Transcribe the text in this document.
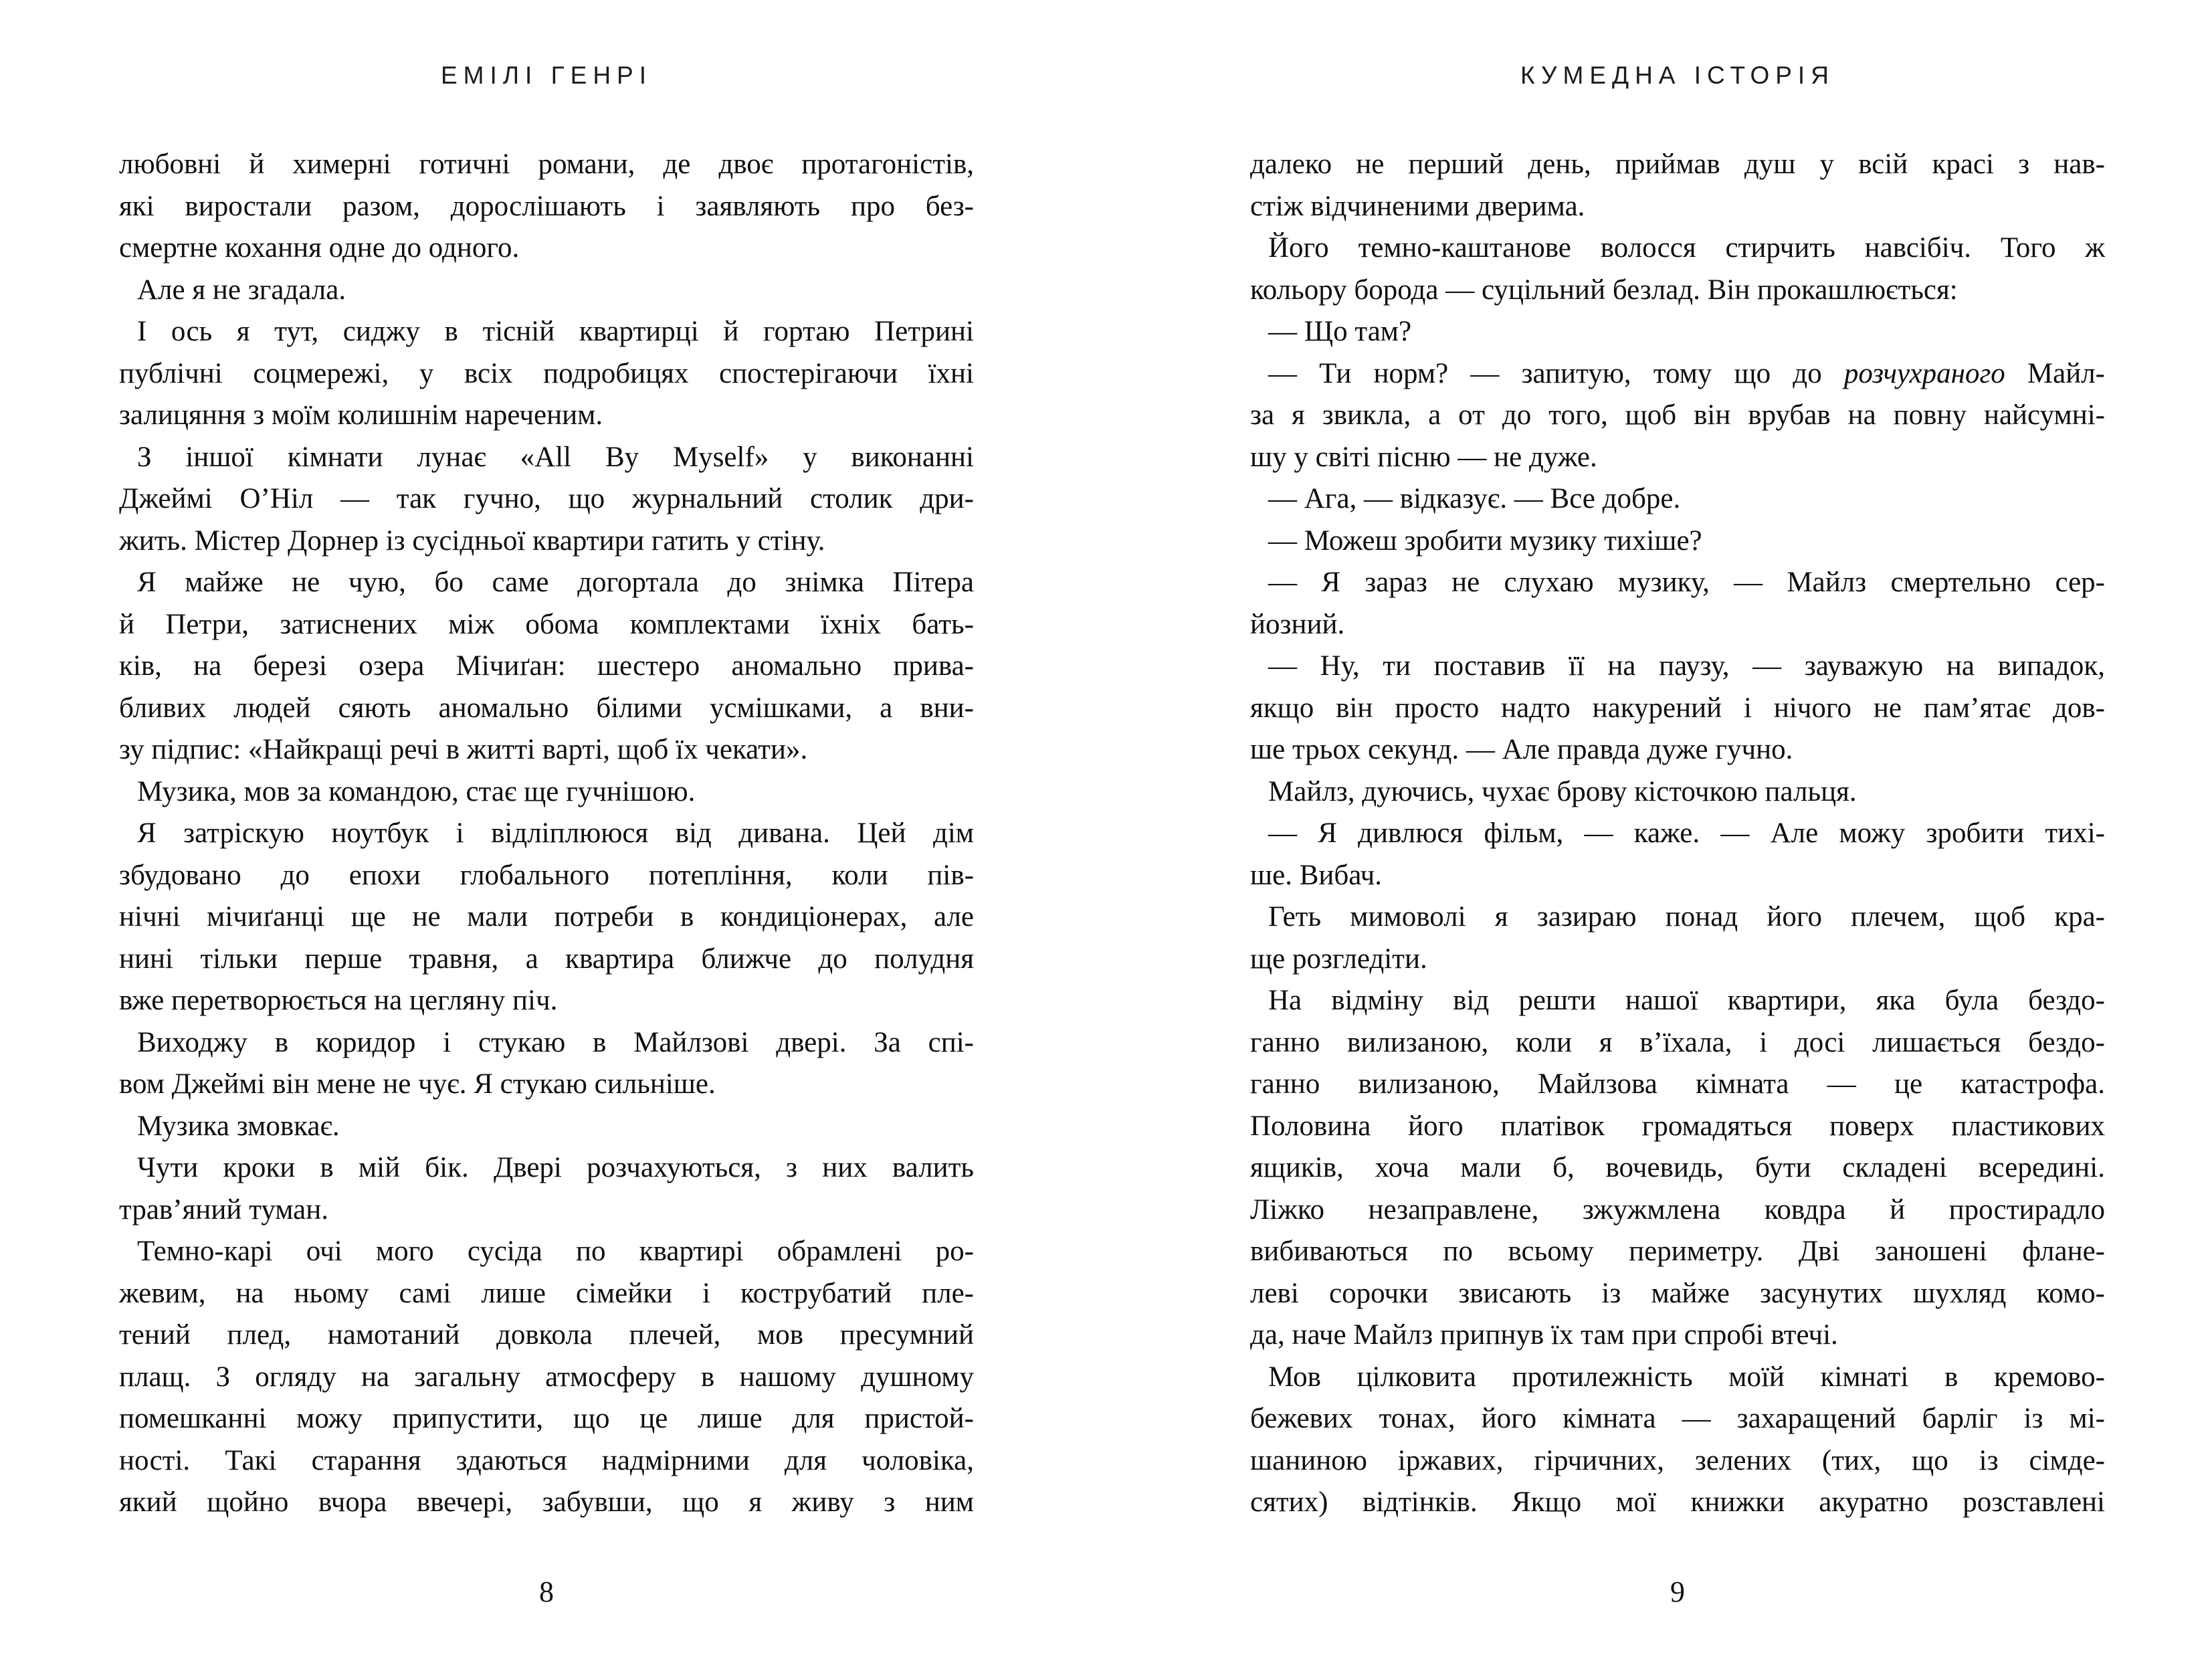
ЕМІЛІ ГЕНРІ
любовні й химерні готичні романи, де двоє протагоністів,
які виростали разом, дорослішають і заявляють про без-
смертне кохання одне до одного.
Але я не згадала.
І ось я тут, сиджу в тісній квартирці й гортаю Петрині
публічні соцмережі, у всіх подробицях спостерігаючи їхні
залицяння з моїм колишнім нареченим.
З іншої кімнати лунає «All By Myself» у виконанні
Джеймі О’Ніл — так гучно, що журнальний столик дри-
жить. Містер Дорнер із сусідньої квартири гатить у стіну.
Я майже не чую, бо саме догортала до знімка Пітера
й Петри, затиснених між обома комплектами їхніх бать-
ків, на березі озера Мічиґан: шестеро аномально прива-
бливих людей сяють аномально білими усмішками, а вни-
зу підпис: «Найкращі речі в житті варті, щоб їх чекати».
Музика, мов за командою, стає ще гучнішою.
Я затріскую ноутбук і відліплююся від дивана. Цей дім
збудовано до епохи глобального потепління, коли пів-
нічні мічиґанці ще не мали потреби в кондиціонерах, але
нині тільки перше травня, а квартира ближче до полудня
вже перетворюється на цегляну піч.
Виходжу в коридор і стукаю в Майлзові двері. За спі-
вом Джеймі він мене не чує. Я стукаю сильніше.
Музика змовкає.
Чути кроки в мій бік. Двері розчахуються, з них валить
трав’яний туман.
Темно-карі очі мого сусіда по квартирі обрамлені ро-
жевим, на ньому самі лише сімейки і кострубатий пле-
тений плед, намотаний довкола плечей, мов пресумний
плащ. З огляду на загальну атмосферу в нашому душному
помешканні можу припустити, що це лише для пристой-
ності. Такі старання здаються надмірними для чоловіка,
який щойно вчора ввечері, забувши, що я живу з ним
8
КУМЕДНА ІСТОРІЯ
далеко не перший день, приймав душ у всій красі з нав-
стіж відчиненими дверима.
Його темно-каштанове волосся стирчить навсібіч. Того ж
кольору борода — суцільний безлад. Він прокашлюється:
— Що там?
— Ти норм? — запитую, тому що до розчухраного Майл-
за я звикла, а от до того, щоб він врубав на повну найсумні-
шу у світі пісню — не дуже.
— Ага, — відказує. — Все добре.
— Можеш зробити музику тихіше?
— Я зараз не слухаю музику, — Майлз смертельно сер-
йозний.
— Ну, ти поставив її на паузу, — зауважую на випадок,
якщо він просто надто накурений і нічого не пам’ятає дов-
ше трьох секунд. — Але правда дуже гучно.
Майлз, дуючись, чухає брову кісточкою пальця.
— Я дивлюся фільм, — каже. — Але можу зробити тихі-
ше. Вибач.
Геть мимоволі я зазираю понад його плечем, щоб кра-
ще розгледіти.
На відміну від решти нашої квартири, яка була бездо-
ганно вилизаною, коли я в’їхала, і досі лишається бездо-
ганно вилизаною, Майлзова кімната — це катастрофа.
Половина його платівок громадяться поверх пластикових
ящиків, хоча мали б, вочевидь, бути складені всередині.
Ліжко незаправлене, зжужмлена ковдра й простирадло
вибиваються по всьому периметру. Дві заношені флане-
леві сорочки звисають із майже засунутих шухляд комо-
да, наче Майлз припнув їх там при спробі втечі.
Мов цілковита протилежність моїй кімнаті в кремово-
бежевих тонах, його кімната — захаращений барліг із мі-
шаниною іржавих, гірчичних, зелених (тих, що із сімде-
сятих) відтінків. Якщо мої книжки акуратно розставлені
9
